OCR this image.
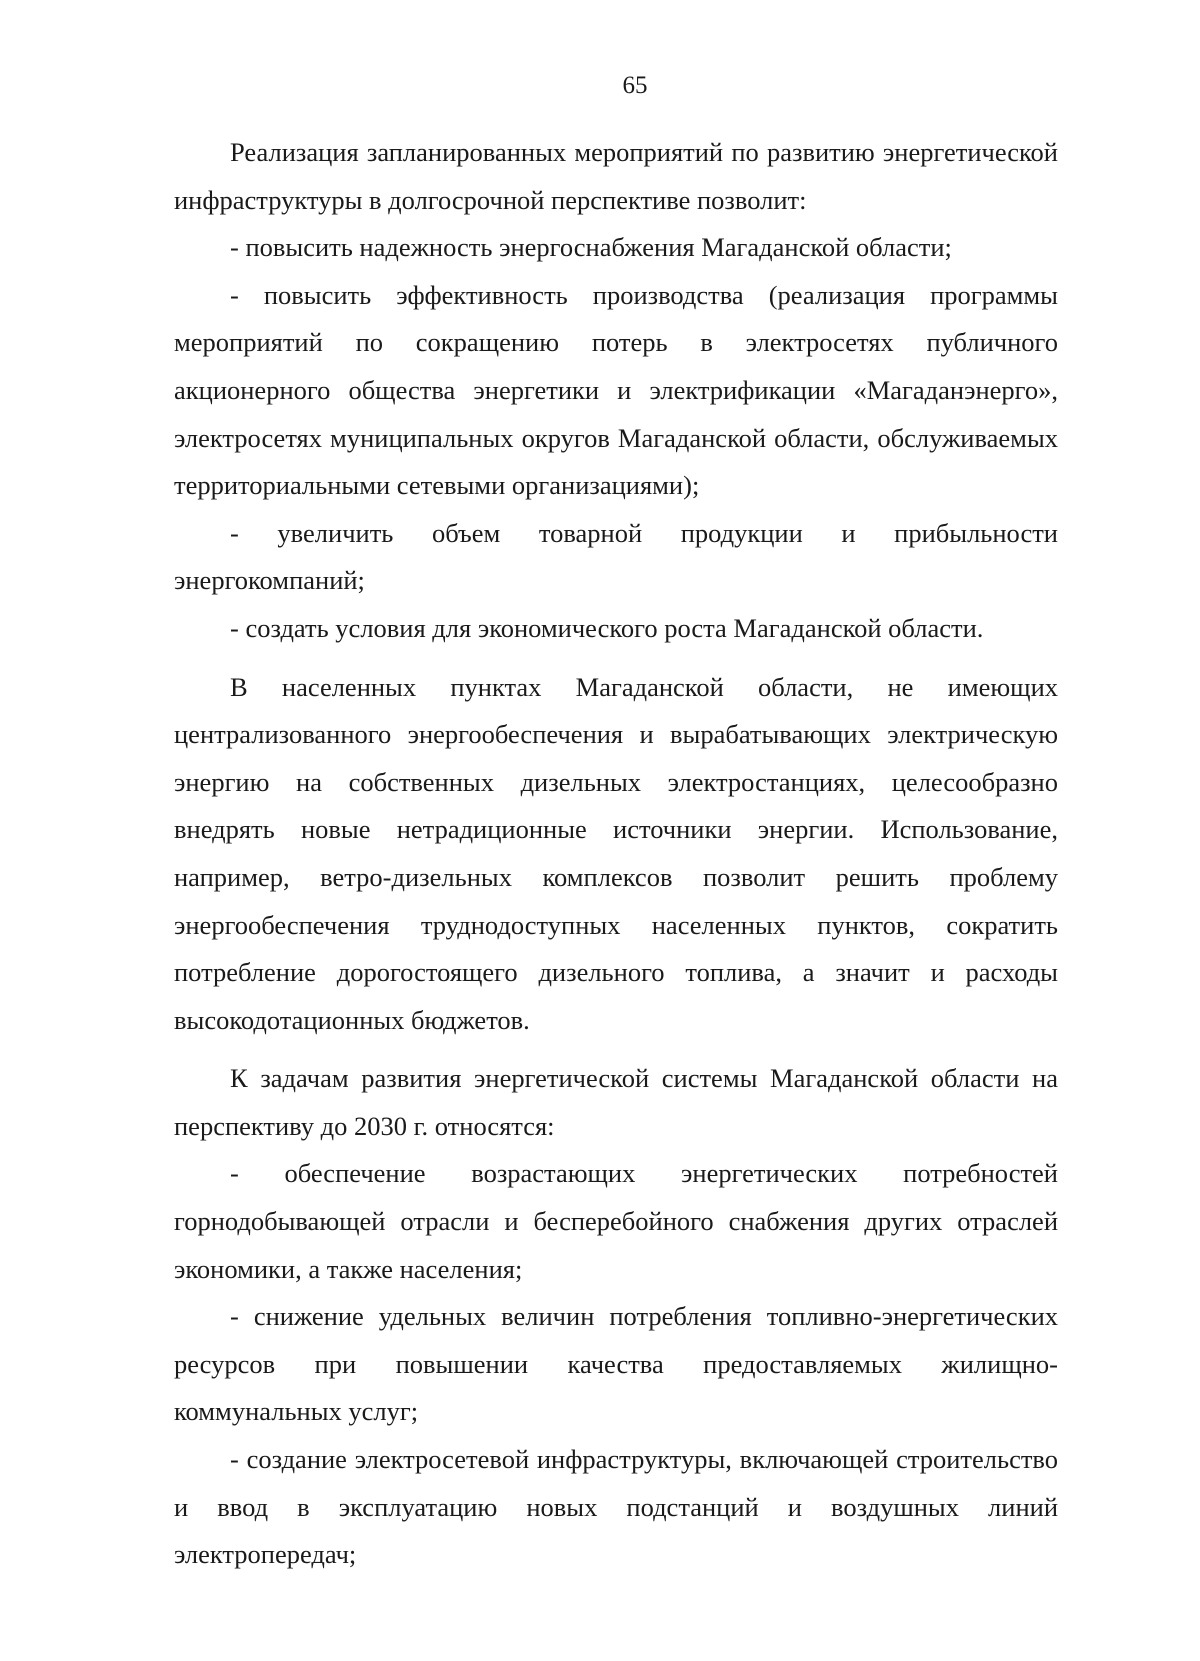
65

Реализация запланированных мероприятий по развитию энергетической инфраструктуры в долгосрочной перспективе позволит:

- повысить надежность энергоснабжения Магаданской области;

- повысить эффективность производства (реализация программы мероприятий по сокращению потерь в электросетях публичного акционерного общества энергетики и электрификации «Магаданэнерго», электросетях муниципальных округов Магаданской области, обслуживаемых территориальными сетевыми организациями);

- увеличить объем товарной продукции и прибыльности энергокомпаний;

- создать условия для экономического роста Магаданской области.

В населенных пунктах Магаданской области, не имеющих централизованного энергообеспечения и вырабатывающих электрическую энергию на собственных дизельных электростанциях, целесообразно внедрять новые нетрадиционные источники энергии. Использование, например, ветро-дизельных комплексов позволит решить проблему энергообеспечения труднодоступных населенных пунктов, сократить потребление дорогостоящего дизельного топлива, а значит и расходы высокодотационных бюджетов.

К задачам развития энергетической системы Магаданской области на перспективу до 2030 г. относятся:

- обеспечение возрастающих энергетических потребностей горнодобывающей отрасли и бесперебойного снабжения других отраслей экономики, а также населения;

- снижение удельных величин потребления топливно-энергетических ресурсов при повышении качества предоставляемых жилищно-коммунальных услуг;

- создание электросетевой инфраструктуры, включающей строительство и ввод в эксплуатацию новых подстанций и воздушных линий электропередач;
